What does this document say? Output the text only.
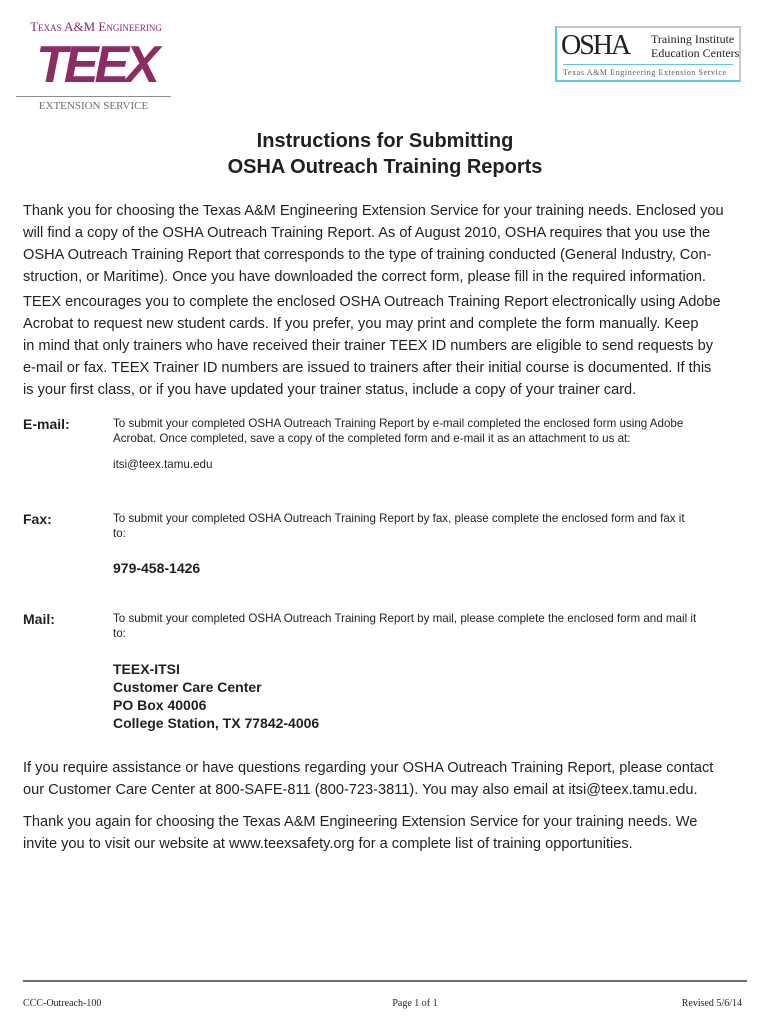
Texas A&M Engineering
TEEX
EXTENSION SERVICE
OSHA	Training Institute
Education Centers
Texas A&M Engineering Extension Service
Instructions for Submitting
OSHA Outreach Training Reports
Thank you for choosing the Texas A&M Engineering Extension Service for your training needs. Enclosed you
will find a copy of the OSHA Outreach Training Report. As of August 2010, OSHA requires that you use the
OSHA Outreach Training Report that corresponds to the type of training conducted (General Industry, Con-
struction, or Maritime). Once you have downloaded the correct form, please fill in the required information.
TEEX encourages you to complete the enclosed OSHA Outreach Training Report electronically using Adobe
Acrobat to request new student cards. If you prefer, you may print and complete the form manually. Keep
in mind that only trainers who have received their trainer TEEX ID numbers are eligible to send requests by
e-mail or fax. TEEX Trainer ID numbers are issued to trainers after their initial course is documented. If this
is your first class, or if you have updated your trainer status, include a copy of your trainer card.
E-mail:	To submit your completed OSHA Outreach Training Report by e-mail completed the enclosed form using Adobe
Acrobat. Once completed, save a copy of the completed form and e-mail it as an attachment to us at:
itsi@teex.tamu.edu
Fax:	To submit your completed OSHA Outreach Training Report by fax, please complete the enclosed form and fax it
to:
979-458-1426
Mail:	To submit your completed OSHA Outreach Training Report by mail, please complete the enclosed form and mail it
to:
TEEX-ITSI
Customer Care Center
PO Box 40006
College Station, TX 77842-4006
If you require assistance or have questions regarding your OSHA Outreach Training Report, please contact
our Customer Care Center at 800-SAFE-811 (800-723-3811). You may also email at itsi@teex.tamu.edu.
Thank you again for choosing the Texas A&M Engineering Extension Service for your training needs. We
invite you to visit our website at www.teexsafety.org for a complete list of training opportunities.
CCC-Outreach-100	Page 1 of 1	Revised 5/6/14
